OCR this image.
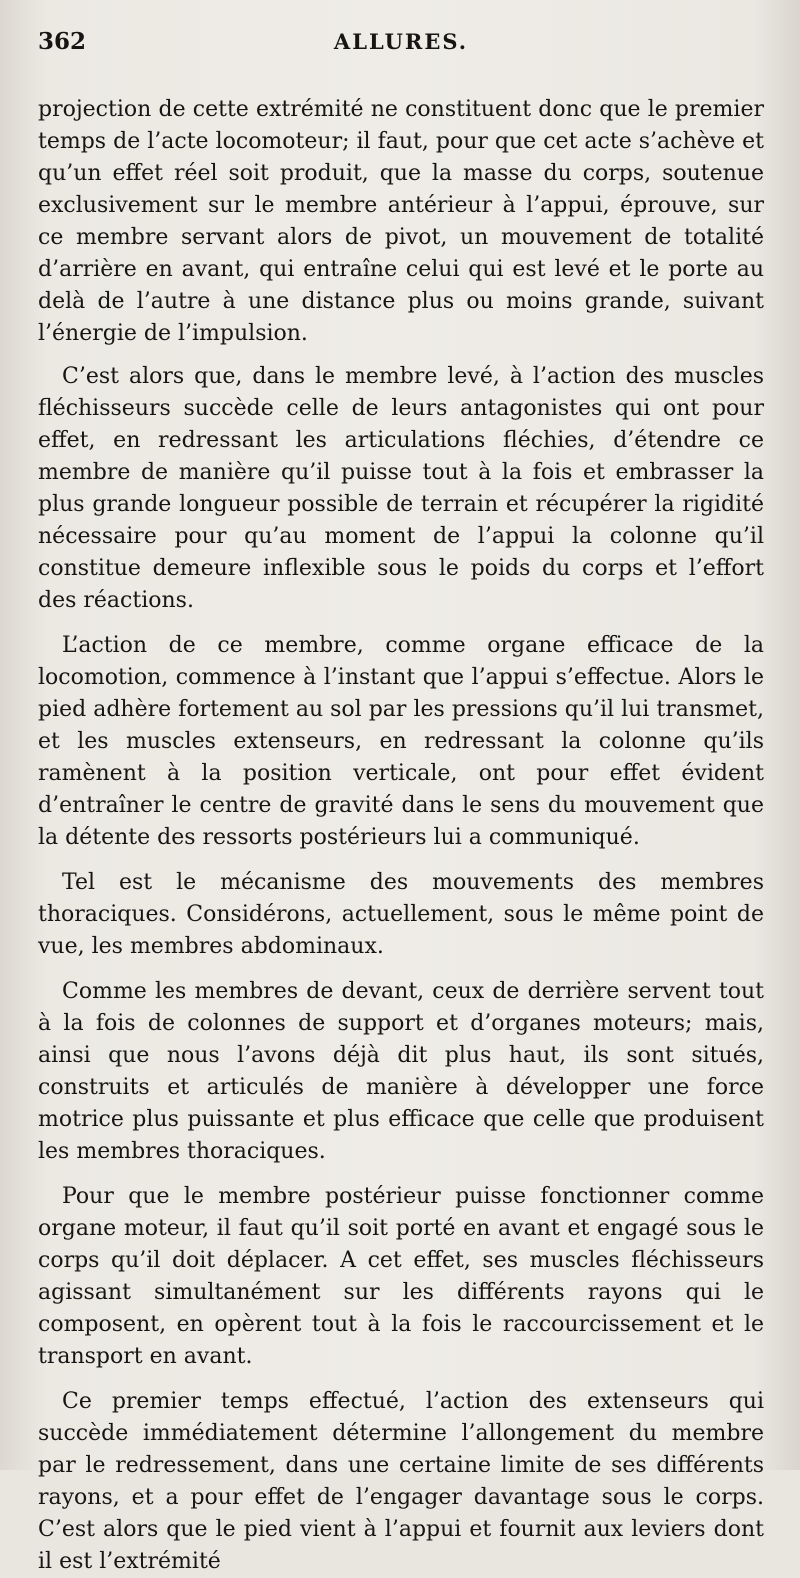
362	ALLURES.

projection de cette extrémité ne constituent donc que le premier temps de l’acte locomoteur; il faut, pour que cet acte s’achève et qu’un effet réel soit produit, que la masse du corps, soutenue exclusivement sur le membre antérieur à l’appui, éprouve, sur ce membre servant alors de pivot, un mouvement de totalité d’arrière en avant, qui entraîne celui qui est levé et le porte au delà de l’autre à une distance plus ou moins grande, suivant l’énergie de l’impulsion.

C’est alors que, dans le membre levé, à l’action des muscles fléchisseurs succède celle de leurs antagonistes qui ont pour effet, en redressant les articulations fléchies, d’étendre ce membre de manière qu’il puisse tout à la fois et embrasser la plus grande longueur possible de terrain et récupérer la rigidité nécessaire pour qu’au moment de l’appui la colonne qu’il constitue demeure inflexible sous le poids du corps et l’effort des réactions.

L’action de ce membre, comme organe efficace de la locomotion, commence à l’instant que l’appui s’effectue. Alors le pied adhère fortement au sol par les pressions qu’il lui transmet, et les muscles extenseurs, en redressant la colonne qu’ils ramènent à la position verticale, ont pour effet évident d’entraîner le centre de gravité dans le sens du mouvement que la détente des ressorts postérieurs lui a communiqué.

Tel est le mécanisme des mouvements des membres thoraciques. Considérons, actuellement, sous le même point de vue, les membres abdominaux.

Comme les membres de devant, ceux de derrière servent tout à la fois de colonnes de support et d’organes moteurs; mais, ainsi que nous l’avons déjà dit plus haut, ils sont situés, construits et articulés de manière à développer une force motrice plus puissante et plus efficace que celle que produisent les membres thoraciques.

Pour que le membre postérieur puisse fonctionner comme organe moteur, il faut qu’il soit porté en avant et engagé sous le corps qu’il doit déplacer. A cet effet, ses muscles fléchisseurs agissant simultanément sur les différents rayons qui le composent, en opèrent tout à la fois le raccourcissement et le transport en avant.

Ce premier temps effectué, l’action des extenseurs qui succède immédiatement détermine l’allongement du membre par le redressement, dans une certaine limite de ses différents rayons, et a pour effet de l’engager davantage sous le corps. C’est alors que le pied vient à l’appui et fournit aux leviers dont il est l’extrémité
